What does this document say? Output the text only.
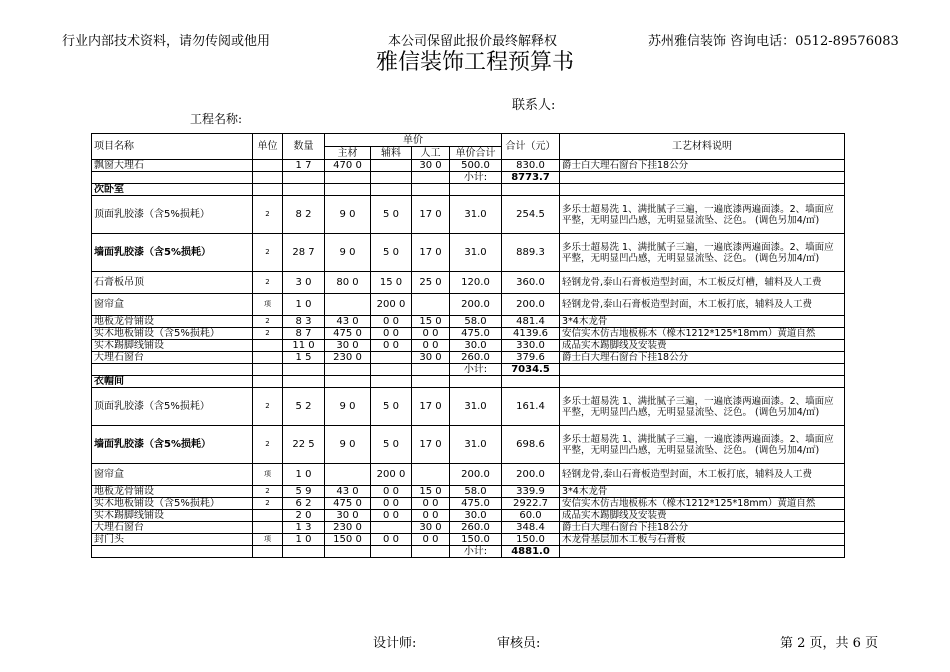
行业内部技术资料，请勿传阅或他用	本公司保留此报价最终解释权	苏州雅信装饰 咨询电话：0512-89576083
雅信装饰工程预算书
工程名称:
联系人:
项目名称	单位	数量	单价				合计（元）	工艺材料说明
			主材	辅料	人工	单价合计		
飘窗大理石		1 7	470 0		30 0	500.0	830.0	爵士白大理石窗台下挂18公分
						小计:	8773.7	
次卧室								
顶面乳胶漆（含5%损耗）	2	8 2	9 0	5 0	17 0	31.0	254.5	多乐士超易洗 1、满批腻子三遍，一遍底漆两遍面漆。2、墙面应平整，无明显凹凸感，无明显显流坠、泛色。 (调色另加4/㎡)
墙面乳胶漆（含5%损耗）	2	28 7	9 0	5 0	17 0	31.0	889.3	多乐士超易洗 1、满批腻子三遍，一遍底漆两遍面漆。2、墙面应平整，无明显凹凸感，无明显显流坠、泛色。 (调色另加4/㎡)
石膏板吊顶	2	3 0	80 0	15 0	25 0	120.0	360.0	轻钢龙骨,泰山石膏板造型封面，木工板反灯槽，辅料及人工费
窗帘盒	项	1 0		200 0		200.0	200.0	轻钢龙骨,泰山石膏板造型封面，木工板打底，辅料及人工费
地板龙骨铺设	2	8 3	43 0	0 0	15 0	58.0	481.4	3*4木龙骨
实木地板铺设（含5%损耗）	2	8 7	475 0	0 0	0 0	475.0	4139.6	安信实木仿古地板栎木（橡木1212*125*18mm）黄道自然
实木踢脚线铺设		11 0	30 0	0 0	0 0	30.0	330.0	成品实木踢脚线及安装费
大理石窗台		1 5	230 0		30 0	260.0	379.6	爵士白大理石窗台下挂18公分
						小计:	7034.5	
衣帽间								
顶面乳胶漆（含5%损耗）	2	5 2	9 0	5 0	17 0	31.0	161.4	多乐士超易洗 1、满批腻子三遍，一遍底漆两遍面漆。2、墙面应平整，无明显凹凸感，无明显显流坠、泛色。 (调色另加4/㎡)
墙面乳胶漆（含5%损耗）	2	22 5	9 0	5 0	17 0	31.0	698.6	多乐士超易洗 1、满批腻子三遍，一遍底漆两遍面漆。2、墙面应平整，无明显凹凸感，无明显显流坠、泛色。 (调色另加4/㎡)
窗帘盒	项	1 0		200 0		200.0	200.0	轻钢龙骨,泰山石膏板造型封面，木工板打底，辅料及人工费
地板龙骨铺设	2	5 9	43 0	0 0	15 0	58.0	339.9	3*4木龙骨
实木地板铺设（含5%损耗）	2	6 2	475 0	0 0	0 0	475.0	2922.7	安信实木仿古地板栎木（橡木1212*125*18mm）黄道自然
实木踢脚线铺设		2 0	30 0	0 0	0 0	30.0	60.0	成品实木踢脚线及安装费
大理石窗台		1 3	230 0		30 0	260.0	348.4	爵士白大理石窗台下挂18公分
封门头	项	1 0	150 0	0 0	0 0	150.0	150.0	木龙骨基层加木工板与石膏板
						小计:	4881.0	
设计师:	审核员:	第 2 页，共 6 页
